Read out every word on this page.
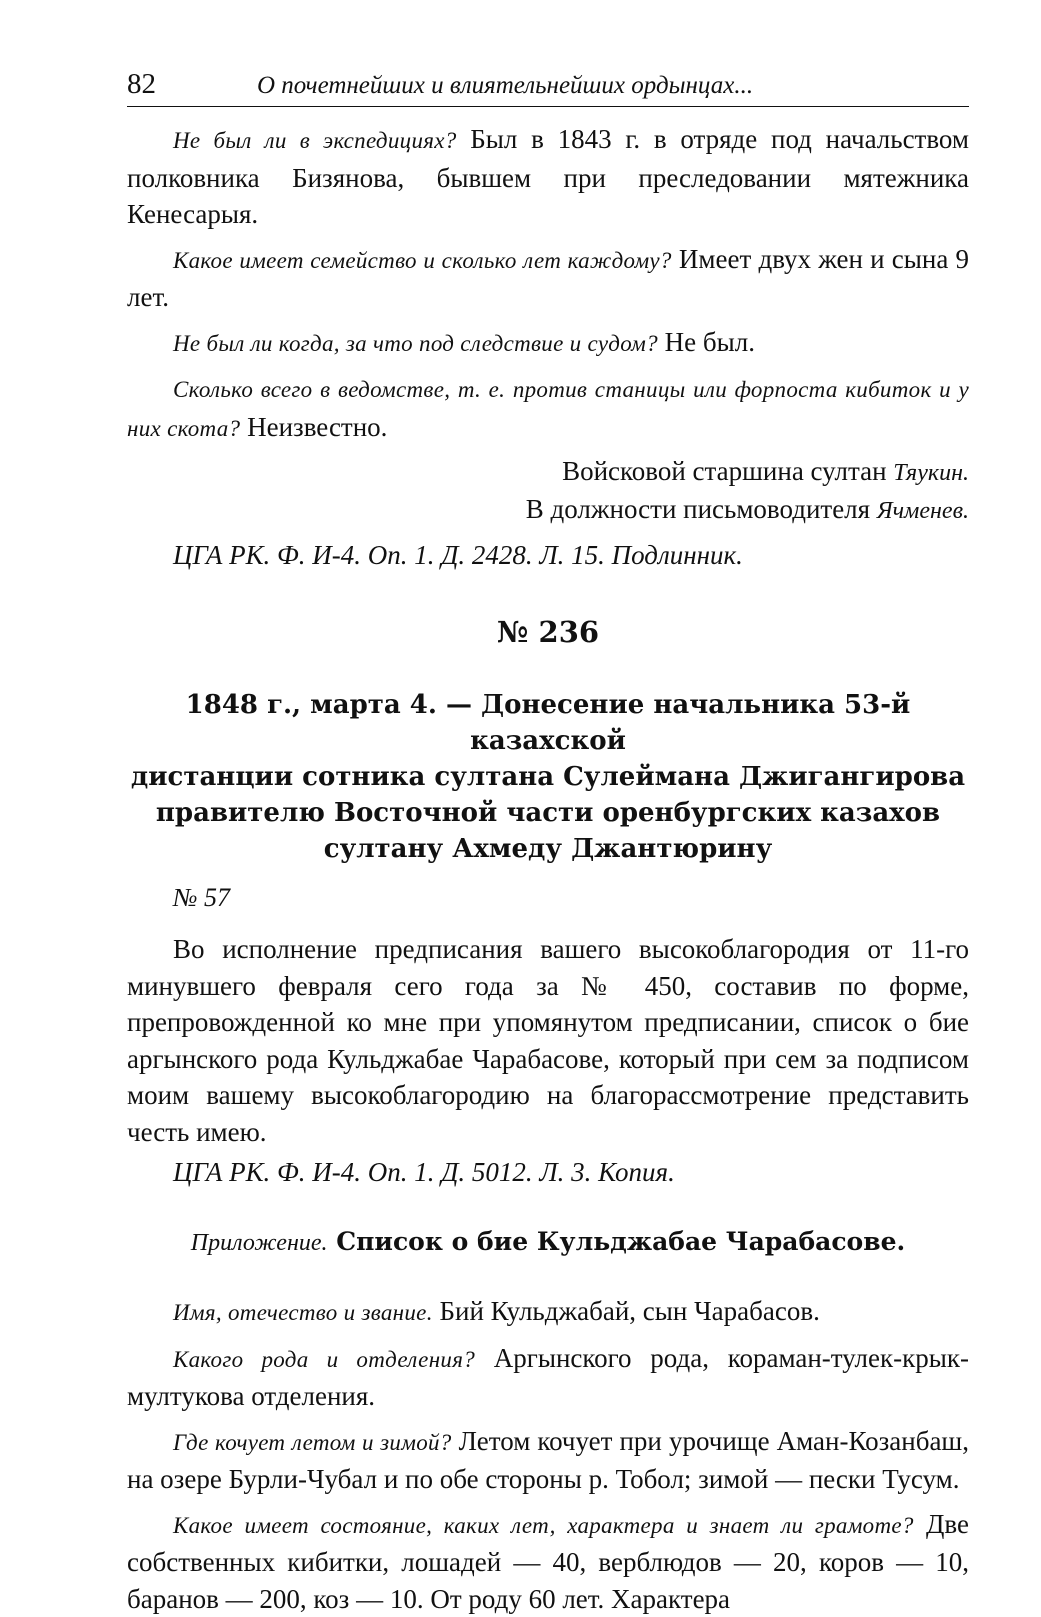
82	О почетнейших и влиятельнейших ордынцах...

Не был ли в экспедициях? Был в 1843 г. в отряде под начальством полковника Бизянова, бывшем при преследовании мятежника Кенесарыя.

Какое имеет семейство и сколько лет каждому? Имеет двух жен и сына 9 лет.

Не был ли когда, за что под следствие и судом? Не был.

Сколько всего в ведомстве, т. е. против станицы или форпоста кибиток и у них скота? Неизвестно.

Войсковой старшина султан Тяукин.

В должности письмоводителя Ячменев.

ЦГА РК. Ф. И-4. Оп. 1. Д. 2428. Л. 15. Подлинник.

№ 236

1848 г., марта 4. — Донесение начальника 53-й казахской
дистанции сотника султана Сулеймана Джигангирова
правителю Восточной части оренбургских казахов
султану Ахмеду Джантюрину

№ 57

Во исполнение предписания вашего высокоблагородия от 11-го минувшего февраля сего года за № 450, составив по форме, препровожденной ко мне при упомянутом предписании, список о бие аргынского рода Кульджабае Чарабасове, который при сем за подписом моим вашему высокоблагородию на благорассмотрение представить честь имею.

ЦГА РК. Ф. И-4. Оп. 1. Д. 5012. Л. 3. Копия.

Приложение. Список о бие Кульджабае Чарабасове.

Имя, отечество и звание. Бий Кульджабай, сын Чарабасов.

Какого рода и отделения? Аргынского рода, кораман-тулек-крык-мултукова отделения.

Где кочует летом и зимой? Летом кочует при урочище Аман-Козанбаш, на озере Бурли-Чубал и по обе стороны р. Тобол; зимой — пески Тусум.

Какое имеет состояние, каких лет, характера и знает ли грамоте? Две собственных кибитки, лошадей — 40, верблюдов — 20, коров — 10, баранов — 200, коз — 10. От роду 60 лет. Характера
